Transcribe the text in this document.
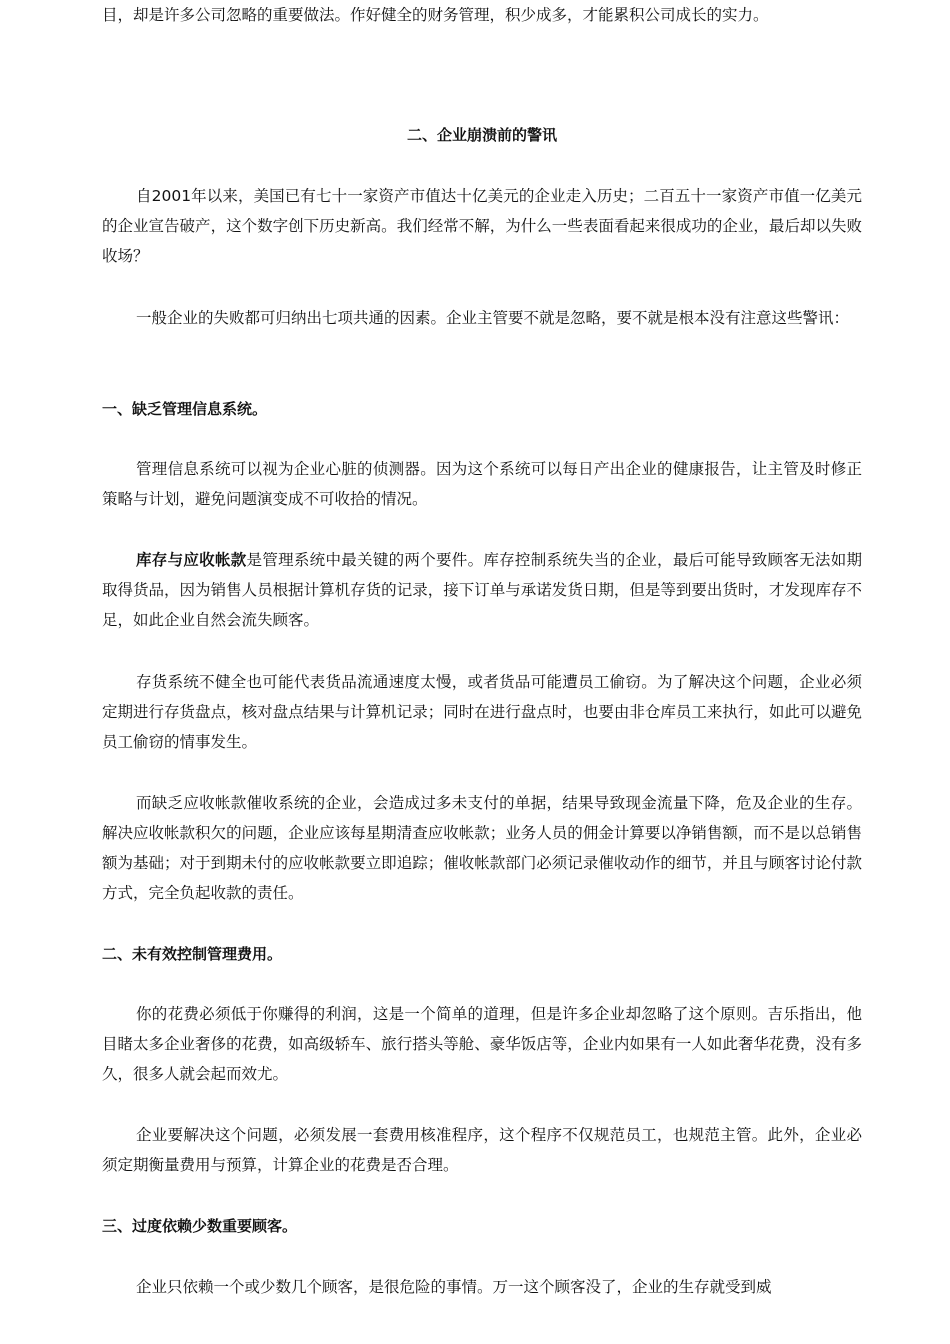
目，却是许多公司忽略的重要做法。作好健全的财务管理，积少成多，才能累积公司成长的实力。

二、企业崩溃前的警讯

自2001年以来，美国已有七十一家资产市值达十亿美元的企业走入历史；二百五十一家资产市值一亿美元的企业宣告破产，这个数字创下历史新高。我们经常不解，为什么一些表面看起来很成功的企业，最后却以失败收场？

一般企业的失败都可归纳出七项共通的因素。企业主管要不就是忽略，要不就是根本没有注意这些警讯：

一、缺乏管理信息系统。

管理信息系统可以视为企业心脏的侦测器。因为这个系统可以每日产出企业的健康报告，让主管及时修正策略与计划，避免问题演变成不可收拾的情况。

库存与应收帐款是管理系统中最关键的两个要件。库存控制系统失当的企业，最后可能导致顾客无法如期取得货品，因为销售人员根据计算机存货的记录，接下订单与承诺发货日期，但是等到要出货时，才发现库存不足，如此企业自然会流失顾客。

存货系统不健全也可能代表货品流通速度太慢，或者货品可能遭员工偷窃。为了解决这个问题，企业必须定期进行存货盘点，核对盘点结果与计算机记录；同时在进行盘点时，也要由非仓库员工来执行，如此可以避免员工偷窃的情事发生。

而缺乏应收帐款催收系统的企业，会造成过多未支付的单据，结果导致现金流量下降，危及企业的生存。解决应收帐款积欠的问题，企业应该每星期清查应收帐款；业务人员的佣金计算要以净销售额，而不是以总销售额为基础；对于到期未付的应收帐款要立即追踪；催收帐款部门必须记录催收动作的细节，并且与顾客讨论付款方式，完全负起收款的责任。

二、未有效控制管理费用。

你的花费必须低于你赚得的利润，这是一个简单的道理，但是许多企业却忽略了这个原则。吉乐指出，他目睹太多企业奢侈的花费，如高级轿车、旅行搭头等舱、豪华饭店等，企业内如果有一人如此奢华花费，没有多久，很多人就会起而效尤。

企业要解决这个问题，必须发展一套费用核准程序，这个程序不仅规范员工，也规范主管。此外，企业必须定期衡量费用与预算，计算企业的花费是否合理。

三、过度依赖少数重要顾客。

企业只依赖一个或少数几个顾客，是很危险的事情。万一这个顾客没了，企业的生存就受到威
